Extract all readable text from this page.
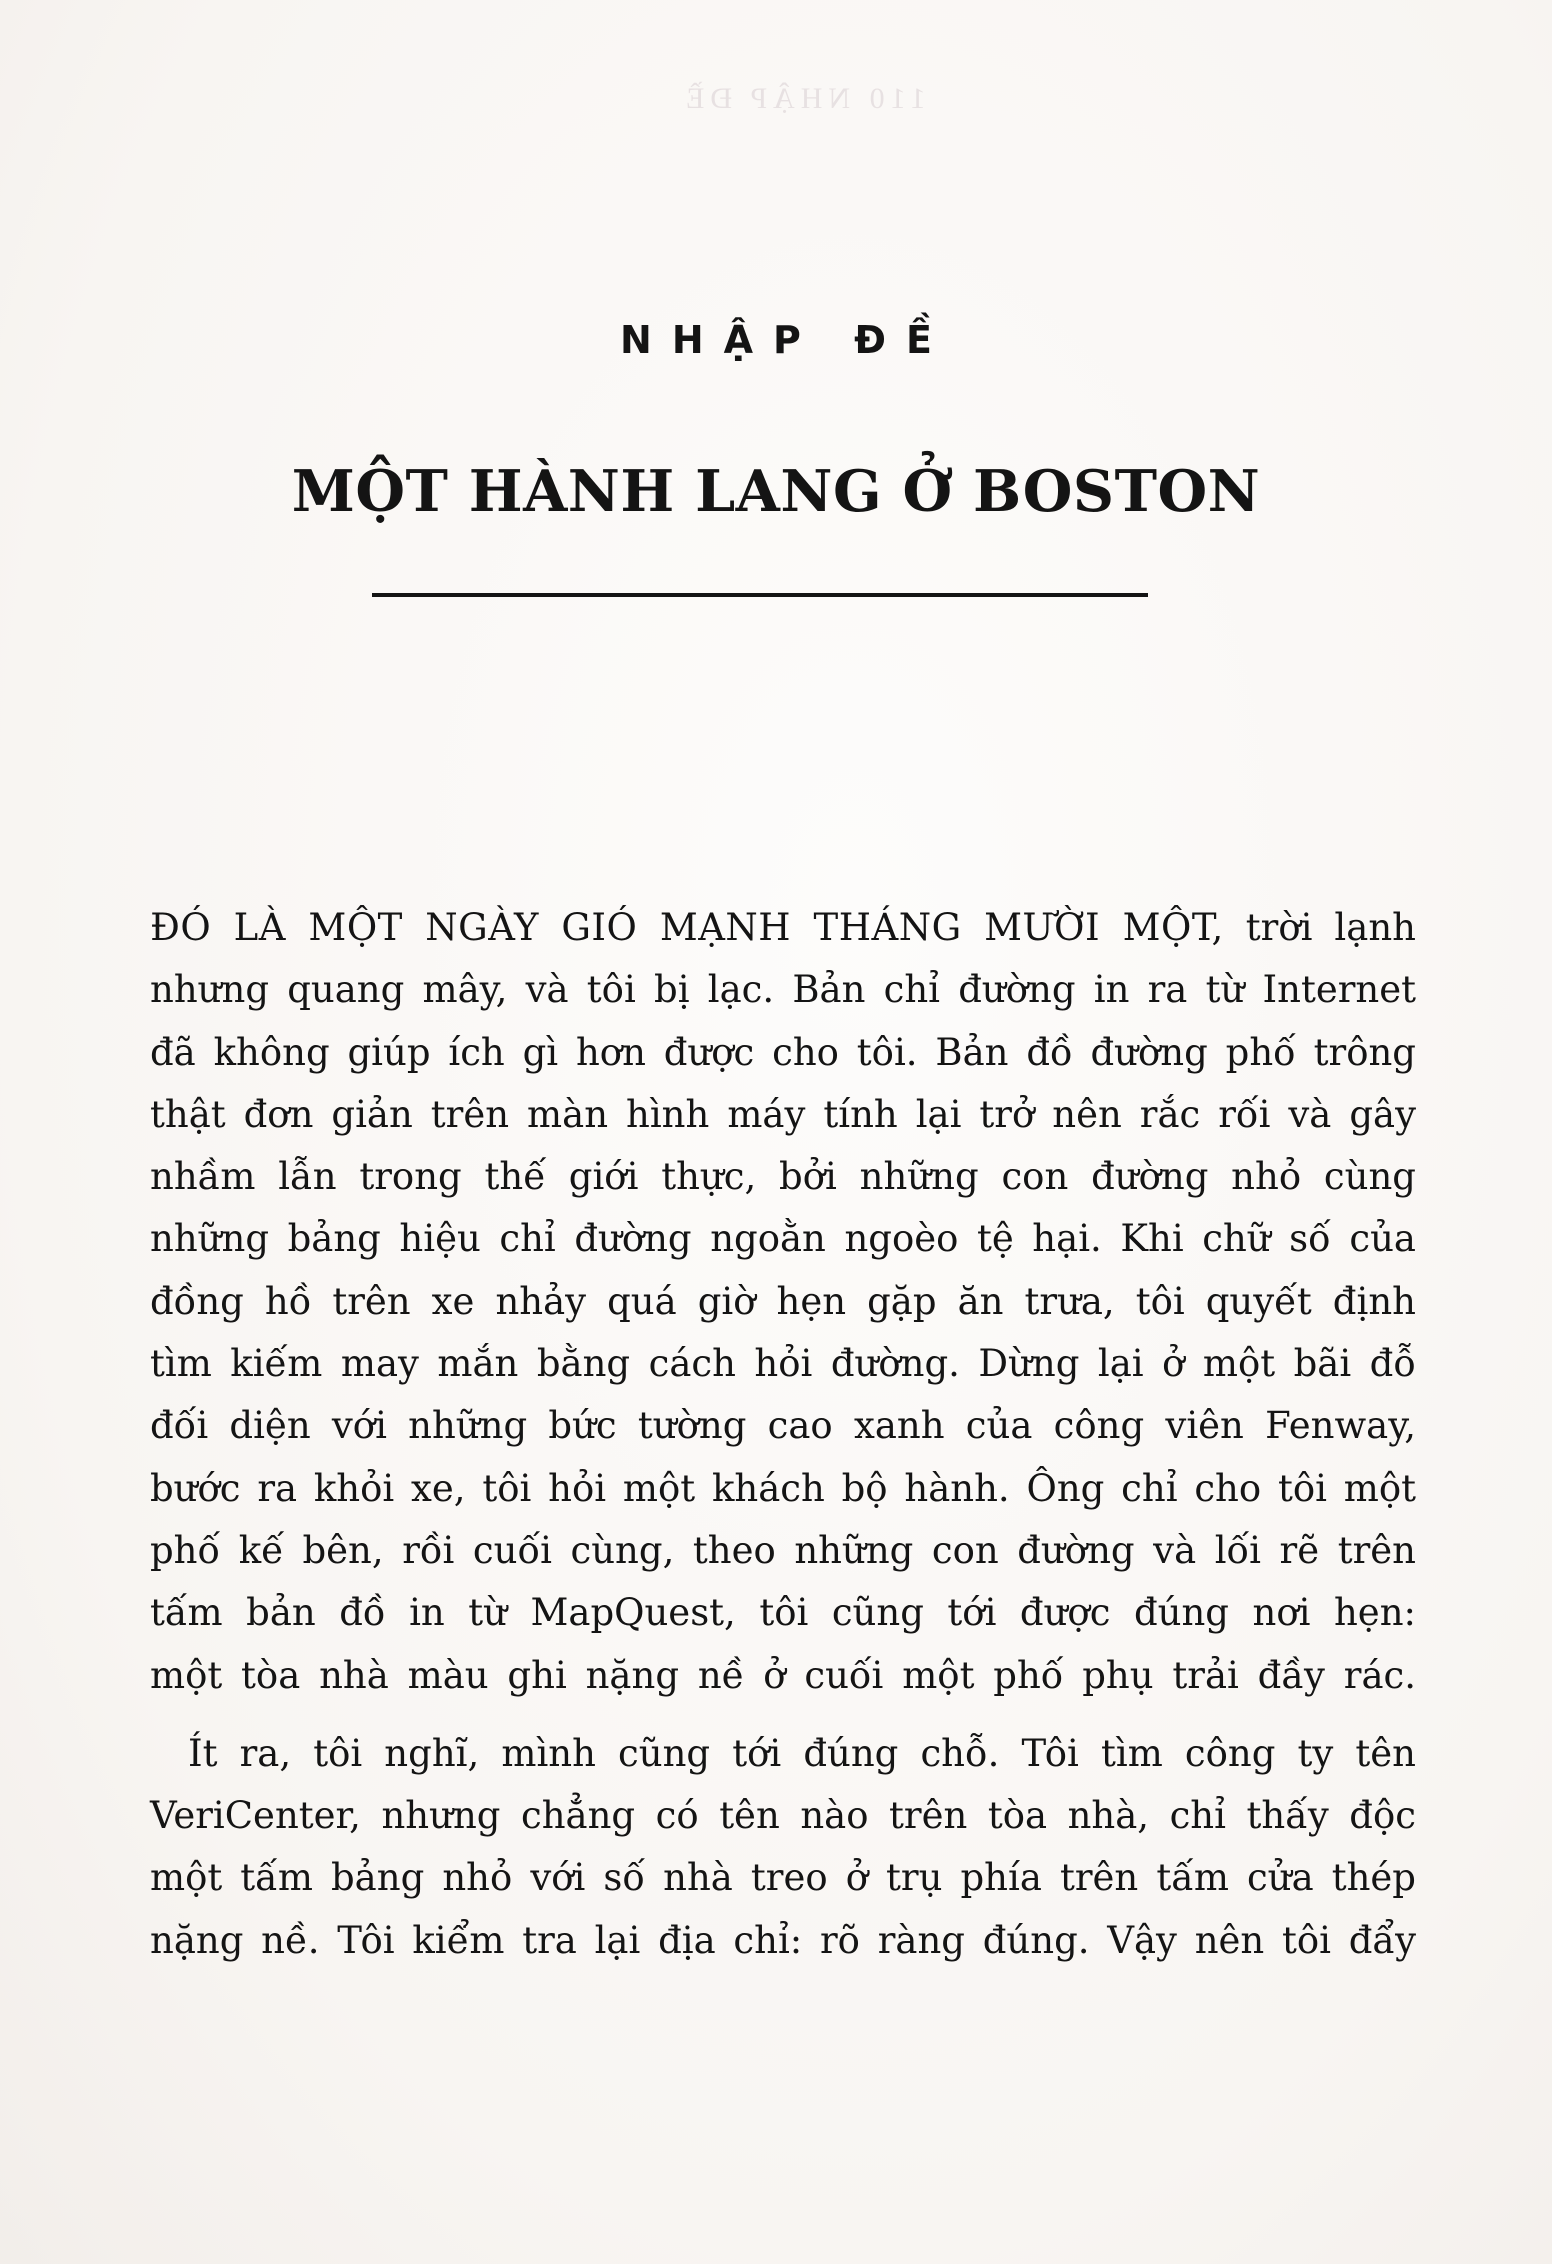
110 NHẬP ĐỀ
NHẬP ĐỀ
MỘT HÀNH LANG Ở BOSTON
ĐÓ LÀ MỘT NGÀY GIÓ MẠNH THÁNG MƯỜI MỘT, trời lạnh
nhưng quang mây, và tôi bị lạc. Bản chỉ đường in ra từ Internet
đã không giúp ích gì hơn được cho tôi. Bản đồ đường phố trông
thật đơn giản trên màn hình máy tính lại trở nên rắc rối và gây
nhầm lẫn trong thế giới thực, bởi những con đường nhỏ cùng
những bảng hiệu chỉ đường ngoằn ngoèo tệ hại. Khi chữ số của
đồng hồ trên xe nhảy quá giờ hẹn gặp ăn trưa, tôi quyết định
tìm kiếm may mắn bằng cách hỏi đường. Dừng lại ở một bãi đỗ
đối diện với những bức tường cao xanh của công viên Fenway,
bước ra khỏi xe, tôi hỏi một khách bộ hành. Ông chỉ cho tôi một
phố kế bên, rồi cuối cùng, theo những con đường và lối rẽ trên
tấm bản đồ in từ MapQuest, tôi cũng tới được đúng nơi hẹn:
một tòa nhà màu ghi nặng nề ở cuối một phố phụ trải đầy rác.
Ít ra, tôi nghĩ, mình cũng tới đúng chỗ. Tôi tìm công ty tên
VeriCenter, nhưng chẳng có tên nào trên tòa nhà, chỉ thấy độc
một tấm bảng nhỏ với số nhà treo ở trụ phía trên tấm cửa thép
nặng nề. Tôi kiểm tra lại địa chỉ: rõ ràng đúng. Vậy nên tôi đẩy
